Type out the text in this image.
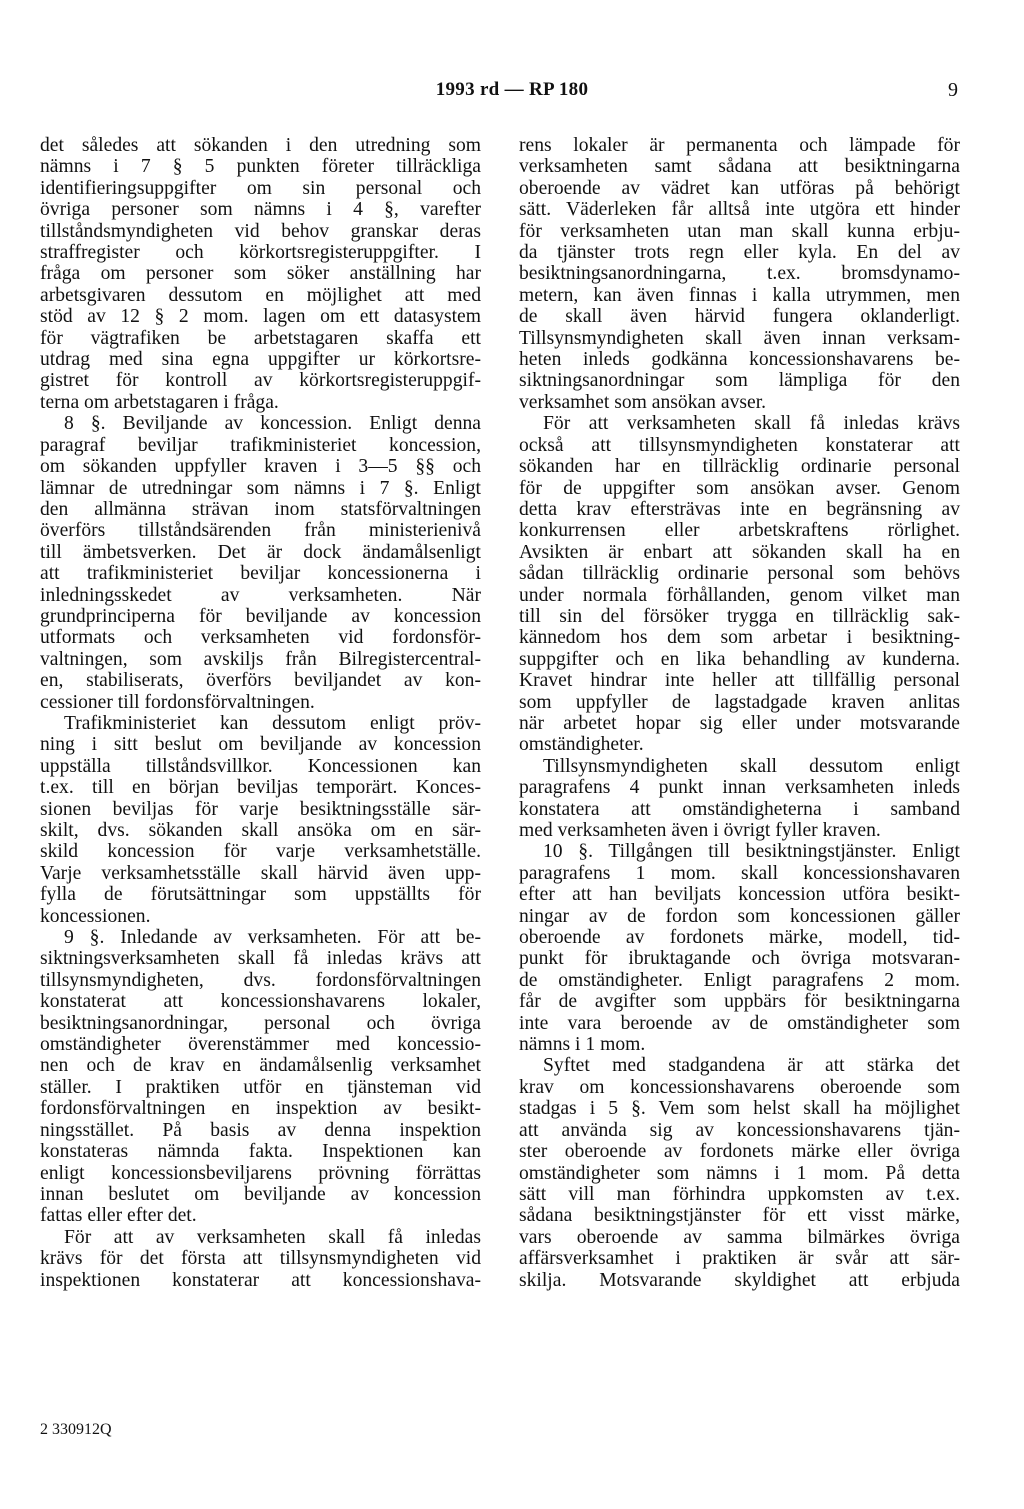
1993 rd — RP 180	9
det således att sökanden i den utredning som
nämns i 7 § 5 punkten företer tillräckliga
identifieringsuppgifter om sin personal och
övriga personer som nämns i 4 §, varefter
tillståndsmyndigheten vid behov granskar deras
straffregister och körkortsregisteruppgifter. I
fråga om personer som söker anställning har
arbetsgivaren dessutom en möjlighet att med
stöd av 12 § 2 mom. lagen om ett datasystem
för vägtrafiken be arbetstagaren skaffa ett
utdrag med sina egna uppgifter ur körkortsre-
gistret för kontroll av körkortsregisteruppgif-
terna om arbetstagaren i fråga.
8 §. Beviljande av koncession. Enligt denna
paragraf beviljar trafikministeriet koncession,
om sökanden uppfyller kraven i 3—5 §§ och
lämnar de utredningar som nämns i 7 §. Enligt
den allmänna strävan inom statsförvaltningen
överförs tillståndsärenden från ministerienivå
till ämbetsverken. Det är dock ändamålsenligt
att trafikministeriet beviljar koncessionerna i
inledningsskedet av verksamheten. När
grundprinciperna för beviljande av koncession
utformats och verksamheten vid fordonsför-
valtningen, som avskiljs från Bilregistercentral-
en, stabiliserats, överförs beviljandet av kon-
cessioner till fordonsförvaltningen.
Trafikministeriet kan dessutom enligt pröv-
ning i sitt beslut om beviljande av koncession
uppställa tillståndsvillkor. Koncessionen kan
t.ex. till en början beviljas temporärt. Konces-
sionen beviljas för varje besiktningsställe sär-
skilt, dvs. sökanden skall ansöka om en sär-
skild koncession för varje verksamhetställe.
Varje verksamhetsställe skall härvid även upp-
fylla de förutsättningar som uppställts för
koncessionen.
9 §. Inledande av verksamheten. För att be-
siktningsverksamheten skall få inledas krävs att
tillsynsmyndigheten, dvs. fordonsförvaltningen
konstaterat att koncessionshavarens lokaler,
besiktningsanordningar, personal och övriga
omständigheter överenstämmer med koncessio-
nen och de krav en ändamålsenlig verksamhet
ställer. I praktiken utför en tjänsteman vid
fordonsförvaltningen en inspektion av besikt-
ningsstället. På basis av denna inspektion
konstateras nämnda fakta. Inspektionen kan
enligt koncessionsbeviljarens prövning förrättas
innan beslutet om beviljande av koncession
fattas eller efter det.
För att av verksamheten skall få inledas
krävs för det första att tillsynsmyndigheten vid
inspektionen konstaterar att koncessionshava-
rens lokaler är permanenta och lämpade för
verksamheten samt sådana att besiktningarna
oberoende av vädret kan utföras på behörigt
sätt. Väderleken får alltså inte utgöra ett hinder
för verksamheten utan man skall kunna erbju-
da tjänster trots regn eller kyla. En del av
besiktningsanordningarna, t.ex. bromsdynamo-
metern, kan även finnas i kalla utrymmen, men
de skall även härvid fungera oklanderligt.
Tillsynsmyndigheten skall även innan verksam-
heten inleds godkänna koncessionshavarens be-
siktningsanordningar som lämpliga för den
verksamhet som ansökan avser.
För att verksamheten skall få inledas krävs
också att tillsynsmyndigheten konstaterar att
sökanden har en tillräcklig ordinarie personal
för de uppgifter som ansökan avser. Genom
detta krav eftersträvas inte en begränsning av
konkurrensen eller arbetskraftens rörlighet.
Avsikten är enbart att sökanden skall ha en
sådan tillräcklig ordinarie personal som behövs
under normala förhållanden, genom vilket man
till sin del försöker trygga en tillräcklig sak-
kännedom hos dem som arbetar i besiktning-
suppgifter och en lika behandling av kunderna.
Kravet hindrar inte heller att tillfällig personal
som uppfyller de lagstadgade kraven anlitas
när arbetet hopar sig eller under motsvarande
omständigheter.
Tillsynsmyndigheten skall dessutom enligt
paragrafens 4 punkt innan verksamheten inleds
konstatera att omständigheterna i samband
med verksamheten även i övrigt fyller kraven.
10 §. Tillgången till besiktningstjänster. Enligt
paragrafens 1 mom. skall koncessionshavaren
efter att han beviljats koncession utföra besikt-
ningar av de fordon som koncessionen gäller
oberoende av fordonets märke, modell, tid-
punkt för ibruktagande och övriga motsvaran-
de omständigheter. Enligt paragrafens 2 mom.
får de avgifter som uppbärs för besiktningarna
inte vara beroende av de omständigheter som
nämns i 1 mom.
Syftet med stadgandena är att stärka det
krav om koncessionshavarens oberoende som
stadgas i 5 §. Vem som helst skall ha möjlighet
att använda sig av koncessionshavarens tjän-
ster oberoende av fordonets märke eller övriga
omständigheter som nämns i 1 mom. På detta
sätt vill man förhindra uppkomsten av t.ex.
sådana besiktningstjänster för ett visst märke,
vars oberoende av samma bilmärkes övriga
affärsverksamhet i praktiken är svår att sär-
skilja. Motsvarande skyldighet att erbjuda
2 330912Q
